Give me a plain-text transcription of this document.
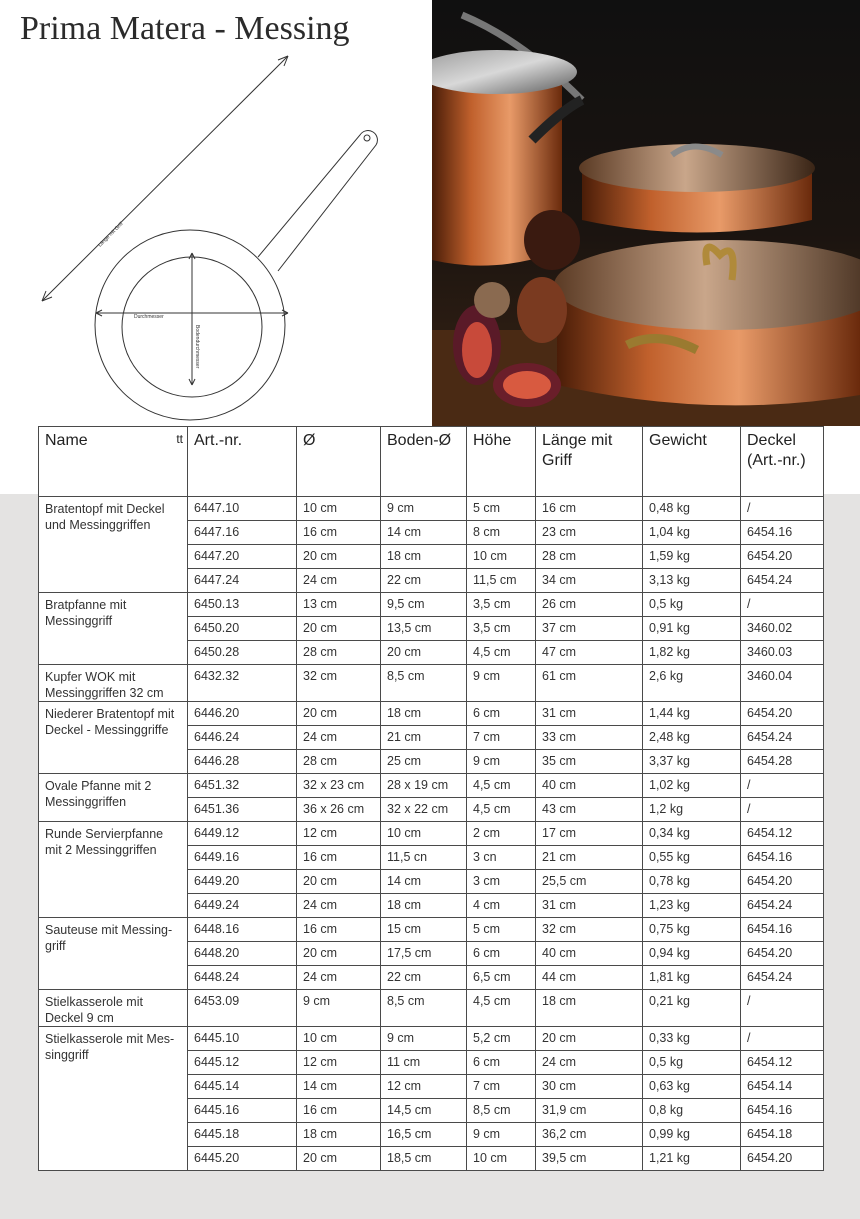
Prima Matera - Messing
Länge mit Griff
Durchmesser
Bodendurchmesser
Name tt	Art.-nr.	Ø	Boden-Ø	Höhe	Länge mit Griff	Gewicht	Deckel (Art.-nr.)
Bratentopf mit Deckel und Messinggriffen	6447.10	10 cm	9 cm	5 cm	16 cm	0,48 kg	/
	6447.16	16 cm	14 cm	8 cm	23 cm	1,04 kg	6454.16
	6447.20	20 cm	18 cm	10 cm	28 cm	1,59 kg	6454.20
	6447.24	24 cm	22 cm	11,5 cm	34 cm	3,13 kg	6454.24
Bratpfanne mit Messinggriff	6450.13	13 cm	9,5 cm	3,5 cm	26 cm	0,5 kg	/
	6450.20	20 cm	13,5 cm	3,5 cm	37 cm	0,91 kg	3460.02
	6450.28	28 cm	20 cm	4,5 cm	47 cm	1,82 kg	3460.03
Kupfer WOK mit Messinggriffen 32 cm	6432.32	32 cm	8,5 cm	9 cm	61 cm	2,6 kg	3460.04
Niederer Bratentopf mit Deckel - Messinggriffe	6446.20	20 cm	18 cm	6 cm	31 cm	1,44 kg	6454.20
	6446.24	24 cm	21 cm	7 cm	33 cm	2,48 kg	6454.24
	6446.28	28 cm	25 cm	9 cm	35 cm	3,37 kg	6454.28
Ovale Pfanne mit 2 Messinggriffen	6451.32	32 x 23 cm	28 x 19 cm	4,5 cm	40 cm	1,02 kg	/
	6451.36	36 x 26 cm	32 x 22 cm	4,5 cm	43 cm	1,2 kg	/
Runde Servierpfanne mit 2 Messinggriffen	6449.12	12 cm	10 cm	2 cm	17 cm	0,34 kg	6454.12
	6449.16	16 cm	11,5 cn	3 cn	21 cm	0,55 kg	6454.16
	6449.20	20 cm	14 cm	3 cm	25,5 cm	0,78 kg	6454.20
	6449.24	24 cm	18 cm	4 cm	31 cm	1,23 kg	6454.24
Sauteuse mit Messing-griff	6448.16	16 cm	15 cm	5 cm	32 cm	0,75 kg	6454.16
	6448.20	20 cm	17,5 cm	6 cm	40 cm	0,94 kg	6454.20
	6448.24	24 cm	22 cm	6,5 cm	44 cm	1,81 kg	6454.24
Stielkasserole mit Deckel 9 cm	6453.09	9 cm	8,5 cm	4,5 cm	18 cm	0,21 kg	/
Stielkasserole mit Mes-singgriff	6445.10	10 cm	9 cm	5,2 cm	20 cm	0,33 kg	/
	6445.12	12 cm	11 cm	6 cm	24 cm	0,5 kg	6454.12
	6445.14	14 cm	12 cm	7 cm	30 cm	0,63 kg	6454.14
	6445.16	16 cm	14,5 cm	8,5 cm	31,9 cm	0,8 kg	6454.16
	6445.18	18 cm	16,5 cm	9 cm	36,2 cm	0,99 kg	6454.18
	6445.20	20 cm	18,5 cm	10 cm	39,5 cm	1,21 kg	6454.20
